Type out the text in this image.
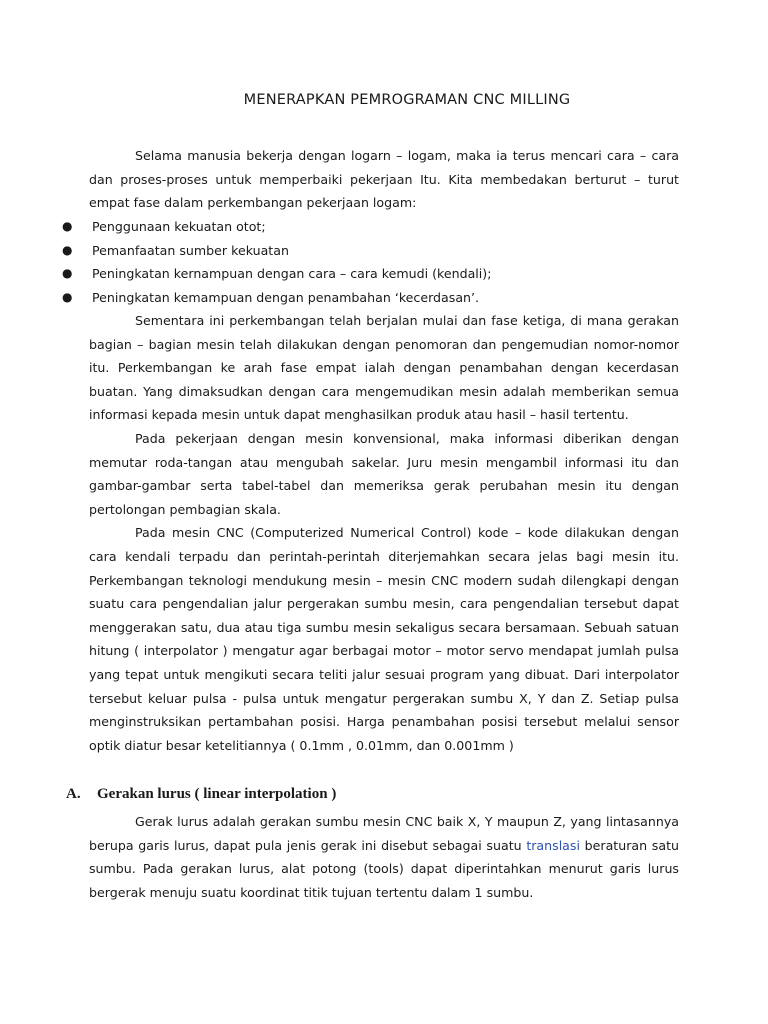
MENERAPKAN PEMROGRAMAN CNC MILLING

Selama manusia bekerja dengan logarn – logam, maka ia terus mencari cara – cara dan proses-proses untuk memperbaiki pekerjaan Itu. Kita membedakan berturut – turut empat fase dalam perkembangan pekerjaan logam:

●	Penggunaan kekuatan otot;
●	Pemanfaatan sumber kekuatan
●	Peningkatan kernampuan dengan cara – cara kemudi (kendali);
●	Peningkatan kemampuan dengan penambahan ‘kecerdasan’.

Sementara ini perkembangan telah berjalan mulai dan fase ketiga, di mana gerakan bagian – bagian mesin telah dilakukan dengan penomoran dan pengemudian nomor-nomor itu. Perkembangan ke arah fase empat ialah dengan penambahan dengan kecerdasan buatan. Yang dimaksudkan dengan cara mengemudikan mesin adalah memberikan semua informasi kepada mesin untuk dapat menghasilkan produk atau hasil – hasil tertentu.

Pada pekerjaan dengan mesin konvensional, maka informasi diberikan dengan memutar roda-tangan atau mengubah sakelar. Juru mesin mengambil informasi itu dan gambar-gambar serta tabel-tabel dan memeriksa gerak perubahan mesin itu dengan pertolongan pembagian skala.

Pada mesin CNC (Computerized Numerical Control) kode – kode dilakukan dengan cara kendali terpadu dan perintah-perintah diterjemahkan secara jelas bagi mesin itu. Perkembangan teknologi mendukung mesin – mesin CNC modern sudah dilengkapi dengan suatu cara pengendalian jalur pergerakan sumbu mesin, cara pengendalian tersebut dapat menggerakan satu, dua atau tiga sumbu mesin sekaligus secara bersamaan. Sebuah satuan hitung ( interpolator ) mengatur agar berbagai motor – motor servo mendapat jumlah pulsa yang tepat untuk mengikuti secara teliti jalur sesuai program yang dibuat. Dari interpolator tersebut keluar pulsa - pulsa untuk mengatur pergerakan sumbu X, Y dan Z. Setiap pulsa menginstruksikan pertambahan posisi. Harga penambahan posisi tersebut melalui sensor optik diatur besar ketelitiannya ( 0.1mm , 0.01mm, dan 0.001mm )

A.	Gerakan lurus ( linear interpolation )

Gerak lurus adalah gerakan sumbu mesin CNC baik X, Y maupun Z, yang lintasannya berupa garis lurus, dapat pula jenis gerak ini disebut sebagai suatu translasi beraturan satu sumbu. Pada gerakan lurus, alat potong (tools) dapat diperintahkan menurut garis lurus bergerak menuju suatu koordinat titik tujuan tertentu dalam 1 sumbu.
